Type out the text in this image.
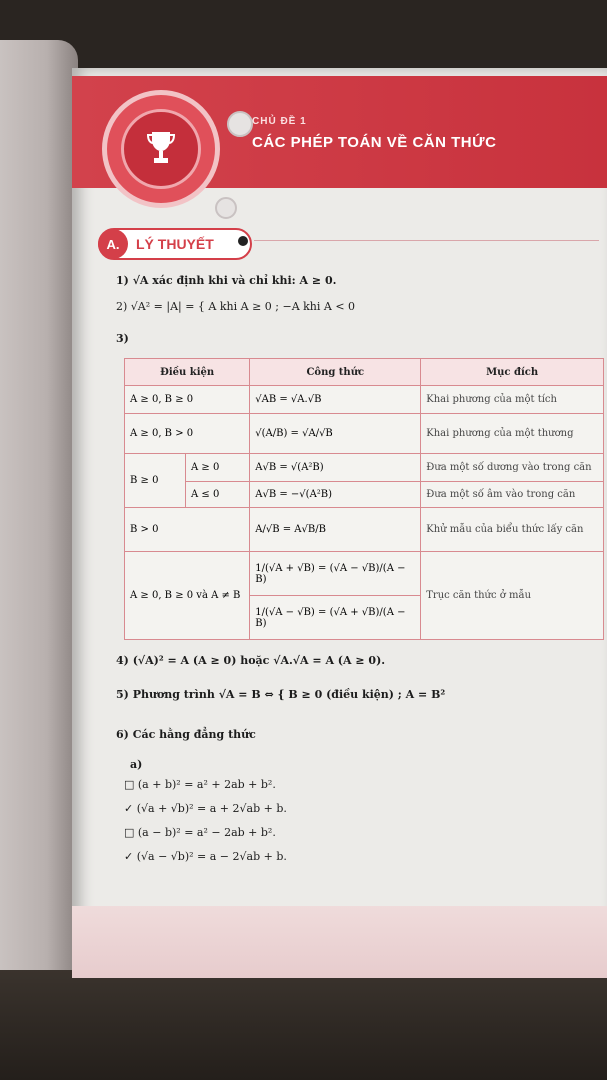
CHỦ ĐỀ 1
CÁC PHÉP TOÁN VỀ CĂN THỨC
A.	LÝ THUYẾT
1) √A xác định khi và chỉ khi: A ≥ 0.
2) √A² = |A| = { A khi A ≥ 0 ; −A khi A < 0
3)
Điều kiện		Công thức	Mục đích
A ≥ 0, B ≥ 0		√AB = √A.√B	Khai phương của một tích
A ≥ 0, B > 0		√(A/B) = √A/√B	Khai phương của một thương
B ≥ 0	A ≥ 0	A√B = √(A²B)	Đưa một số dương vào trong căn
	A ≤ 0	A√B = −√(A²B)	Đưa một số âm vào trong căn
B > 0		A/√B = A√B/B	Khử mẫu của biểu thức lấy căn
A ≥ 0, B ≥ 0 và A ≠ B		1/(√A + √B) = (√A − √B)/(A − B)	Trục căn thức ở mẫu
		1/(√A − √B) = (√A + √B)/(A − B)	
4) (√A)² = A (A ≥ 0) hoặc √A.√A = A (A ≥ 0).
5) Phương trình √A = B ⇔ { B ≥ 0 (điều kiện) ; A = B²
6) Các hằng đẳng thức
a)
□ (a + b)² = a² + 2ab + b².
✓ (√a + √b)² = a + 2√ab + b.
□ (a − b)² = a² − 2ab + b².
✓ (√a − √b)² = a − 2√ab + b.
